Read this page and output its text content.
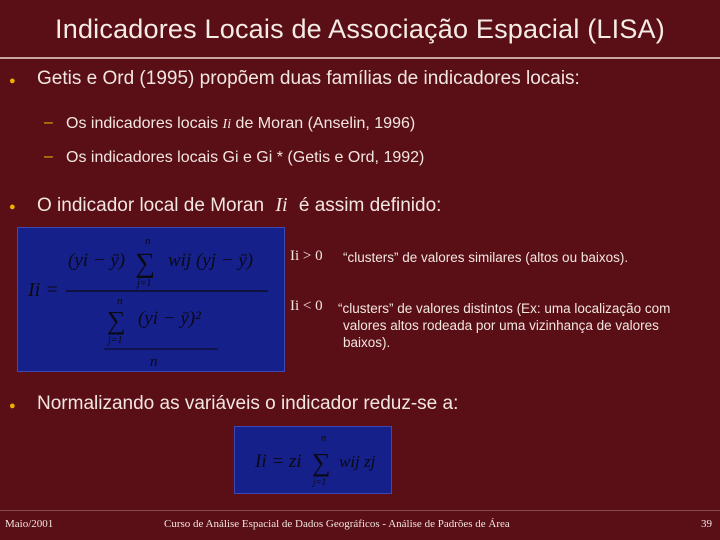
Indicadores Locais de Associação Espacial (LISA)
● Getis e Ord (1995) propõem duas famílias de indicadores locais:
– Os indicadores locais Ii de Moran (Anselin, 1996)
– Os indicadores locais Gi e Gi * (Getis e Ord, 1992)
● O indicador local de Moran Ii é assim definido:
Ii =
(yi − ȳ)
n
∑
j=1
wij (yj − ȳ)
n
∑
j=1
(yi − ȳ)²
n
Ii > 0 “clusters” de valores similares (altos ou baixos).
Ii < 0 “clusters” de valores distintos (Ex: uma localização com valores altos rodeada por uma vizinhança de valores baixos).
● Normalizando as variáveis o indicador reduz-se a:
Ii = zi
n
∑
j=1
wij zj
Maio/2001	Curso de Análise Espacial de Dados Geográficos - Análise de Padrões de Área	39
